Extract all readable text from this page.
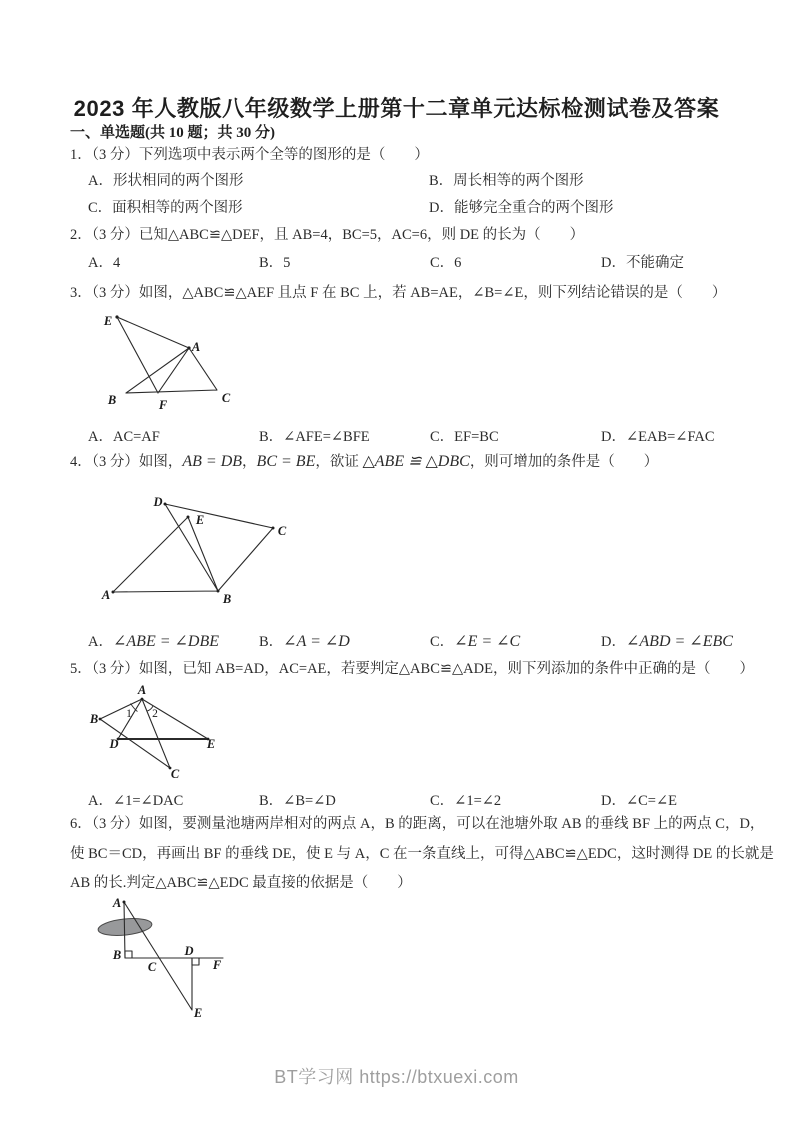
2023 年人教版八年级数学上册第十二章单元达标检测试卷及答案
一、单选题(共 10 题；共 30 分)
1．（3 分）下列选项中表示两个全等的图形的是（　　）
A．形状相同的两个图形	B．周长相等的两个图形
C．面积相等的两个图形	D．能够完全重合的两个图形
2．（3 分）已知△ABC≌△DEF，且 AB=4，BC=5，AC=6，则 DE 的长为（　　）
A．4	B．5	C．6	D．不能确定
3．（3 分）如图，△ABC≌△AEF 且点 F 在 BC 上，若 AB=AE，∠B=∠E，则下列结论错误的是（　　）
E
A
B	F	C
A．AC=AF	B．∠AFE=∠BFE	C．EF=BC	D．∠EAB=∠FAC
4．（3 分）如图，AB = DB，BC = BE，欲证 △ABE ≌ △DBC，则可增加的条件是（　　）
D
E
A	B
C
A．∠ABE = ∠DBE	B．∠A = ∠D	C．∠E = ∠C	D．∠ABD = ∠EBC
5．（3 分）如图，已知 AB=AD，AC=AE，若要判定△ABC≌△ADE，则下列添加的条件中正确的是（　　）
A
B
D	E
C
1 2
A．∠1=∠DAC	B．∠B=∠D	C．∠1=∠2	D．∠C=∠E
6．（3 分）如图，要测量池塘两岸相对的两点 A，B 的距离，可以在池塘外取 AB 的垂线 BF 上的两点 C，D，
使 BC＝CD，再画出 BF 的垂线 DE，使 E 与 A，C 在一条直线上，可得△ABC≌△EDC，这时测得 DE 的长就是
AB 的长.判定△ABC≌△EDC 最直接的依据是（　　）
A
B
C
D
E
F
BT学习网 https://btxuexi.com
